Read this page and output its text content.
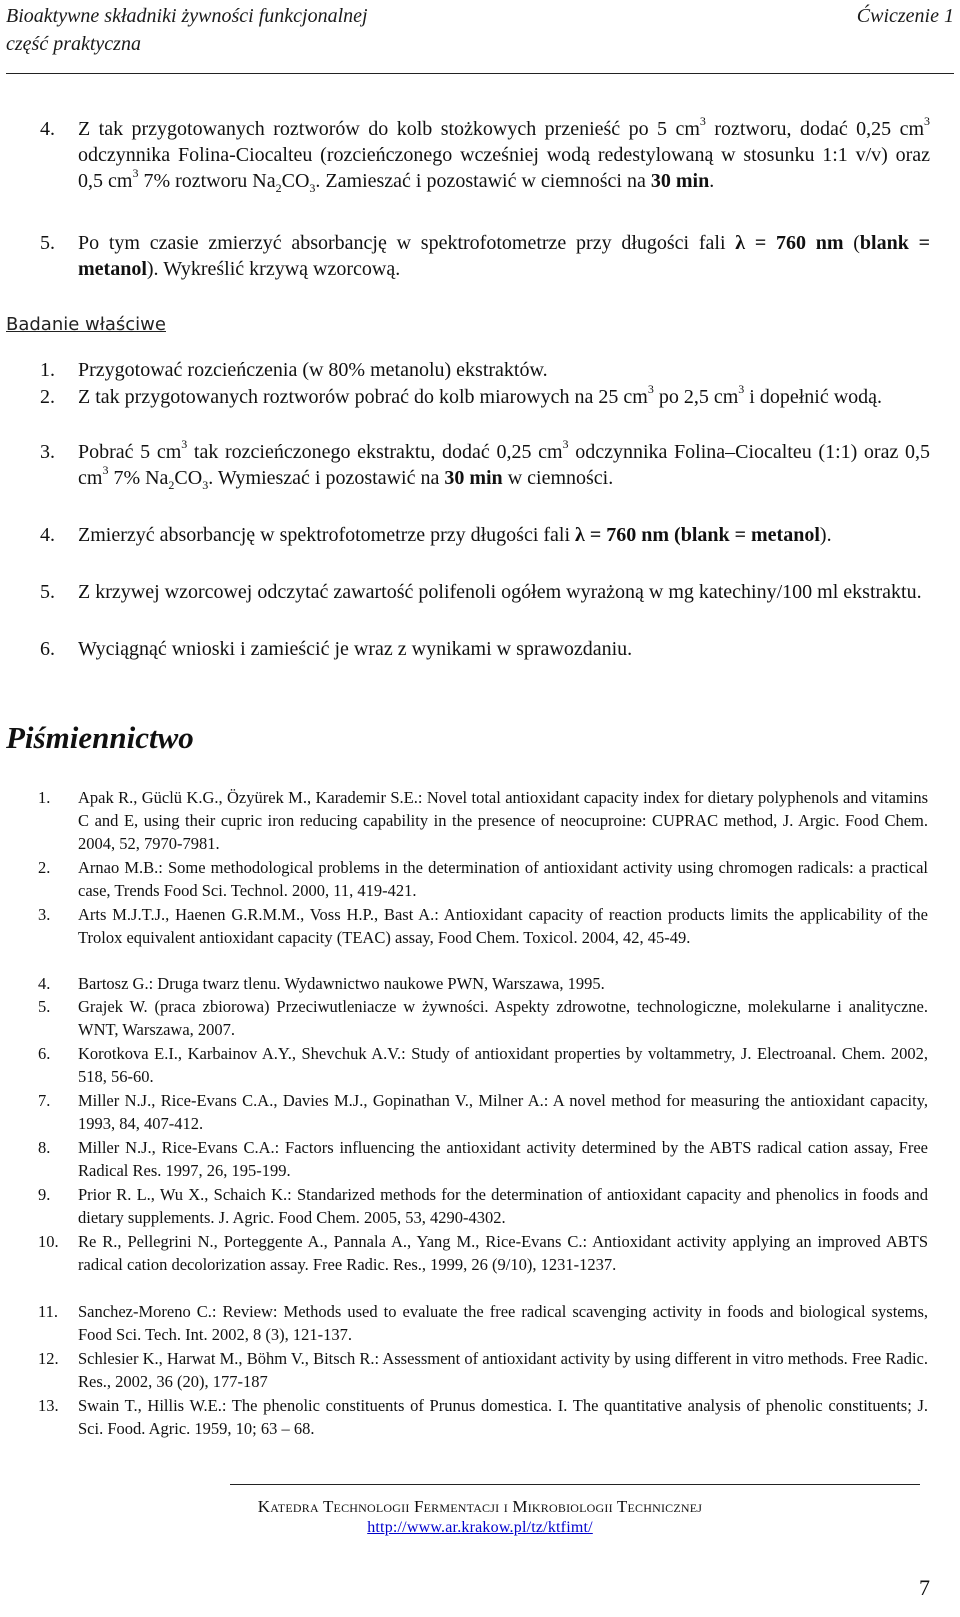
Bioaktywne składniki żywności funkcjonalnej	Ćwiczenie 1
część praktyczna
4. Z tak przygotowanych roztworów do kolb stożkowych przenieść po 5 $cm^3$ roztworu, dodać 0,25 $cm^3$ odczynnika Folina-Ciocalteu (rozcieńczonego wcześniej wodą redestylowaną w stosunku 1:1 v/v) oraz 0,5 $cm^3$ 7% roztworu $Na_2CO_3$. Zamieszać i pozostawić w ciemności na 30 min.
5. Po tym czasie zmierzyć absorbancję w spektrofotometrze przy długości fali λ = 760 nm (blank = metanol). Wykreślić krzywą wzorcową.
Badanie właściwe
1. Przygotować rozcieńczenia (w 80% metanolu) ekstraktów.
2. Z tak przygotowanych roztworów pobrać do kolb miarowych na 25 $cm^3$ po 2,5 $cm^3$ i dopełnić wodą.
3. Pobrać 5 $cm^3$ tak rozcieńczonego ekstraktu, dodać 0,25 $cm^3$ odczynnika Folina–Ciocalteu (1:1) oraz 0,5 $cm^3$ 7% $Na_2CO_3$. Wymieszać i pozostawić na 30 min w ciemności.
4. Zmierzyć absorbancję w spektrofotometrze przy długości fali λ = 760 nm (blank = metanol).
5. Z krzywej wzorcowej odczytać zawartość polifenoli ogółem wyrażoną w mg katechiny/100 ml ekstraktu.
6. Wyciągnąć wnioski i zamieścić je wraz z wynikami w sprawozdaniu.
Piśmiennictwo
1. Apak R., Güclü K.G., Özyürek M., Karademir S.E.: Novel total antioxidant capacity index for dietary polyphenols and vitamins C and E, using their cupric iron reducing capability in the presence of neocuproine: CUPRAC method, J. Argic. Food Chem. 2004, 52, 7970-7981.
2. Arnao M.B.: Some methodological problems in the determination of antioxidant activity using chromogen radicals: a practical case, Trends Food Sci. Technol. 2000, 11, 419-421.
3. Arts M.J.T.J., Haenen G.R.M.M., Voss H.P., Bast A.: Antioxidant capacity of reaction products limits the applicability of the Trolox equivalent antioxidant capacity (TEAC) assay, Food Chem. Toxicol. 2004, 42, 45-49.
4. Bartosz G.: Druga twarz tlenu. Wydawnictwo naukowe PWN, Warszawa, 1995.
5. Grajek W. (praca zbiorowa) Przeciwutleniacze w żywności. Aspekty zdrowotne, technologiczne, molekularne i analityczne. WNT, Warszawa, 2007.
6. Korotkova E.I., Karbainov A.Y., Shevchuk A.V.: Study of antioxidant properties by voltammetry, J. Electroanal. Chem. 2002, 518, 56-60.
7. Miller N.J., Rice-Evans C.A., Davies M.J., Gopinathan V., Milner A.: A novel method for measuring the antioxidant capacity, 1993, 84, 407-412.
8. Miller N.J., Rice-Evans C.A.: Factors influencing the antioxidant activity determined by the ABTS radical cation assay, Free Radical Res. 1997, 26, 195-199.
9. Prior R. L., Wu X., Schaich K.: Standarized methods for the determination of antioxidant capacity and phenolics in foods and dietary supplements. J. Agric. Food Chem. 2005, 53, 4290-4302.
10. Re R., Pellegrini N., Porteggente A., Pannala A., Yang M., Rice-Evans C.: Antioxidant activity applying an improved ABTS radical cation decolorization assay. Free Radic. Res., 1999, 26 (9/10), 1231-1237.
11. Sanchez-Moreno C.: Review: Methods used to evaluate the free radical scavenging activity in foods and biological systems, Food Sci. Tech. Int. 2002, 8 (3), 121-137.
12. Schlesier K., Harwat M., Böhm V., Bitsch R.: Assessment of antioxidant activity by using different in vitro methods. Free Radic. Res., 2002, 36 (20), 177-187
13. Swain T., Hillis W.E.: The phenolic constituents of Prunus domestica. I. The quantitative analysis of phenolic constituents; J. Sci. Food. Agric. 1959, 10; 63 – 68.
Katedra Technologii Fermentacji i Mikrobiologii Technicznej
http://www.ar.krakow.pl/tz/ktfimt/
7
